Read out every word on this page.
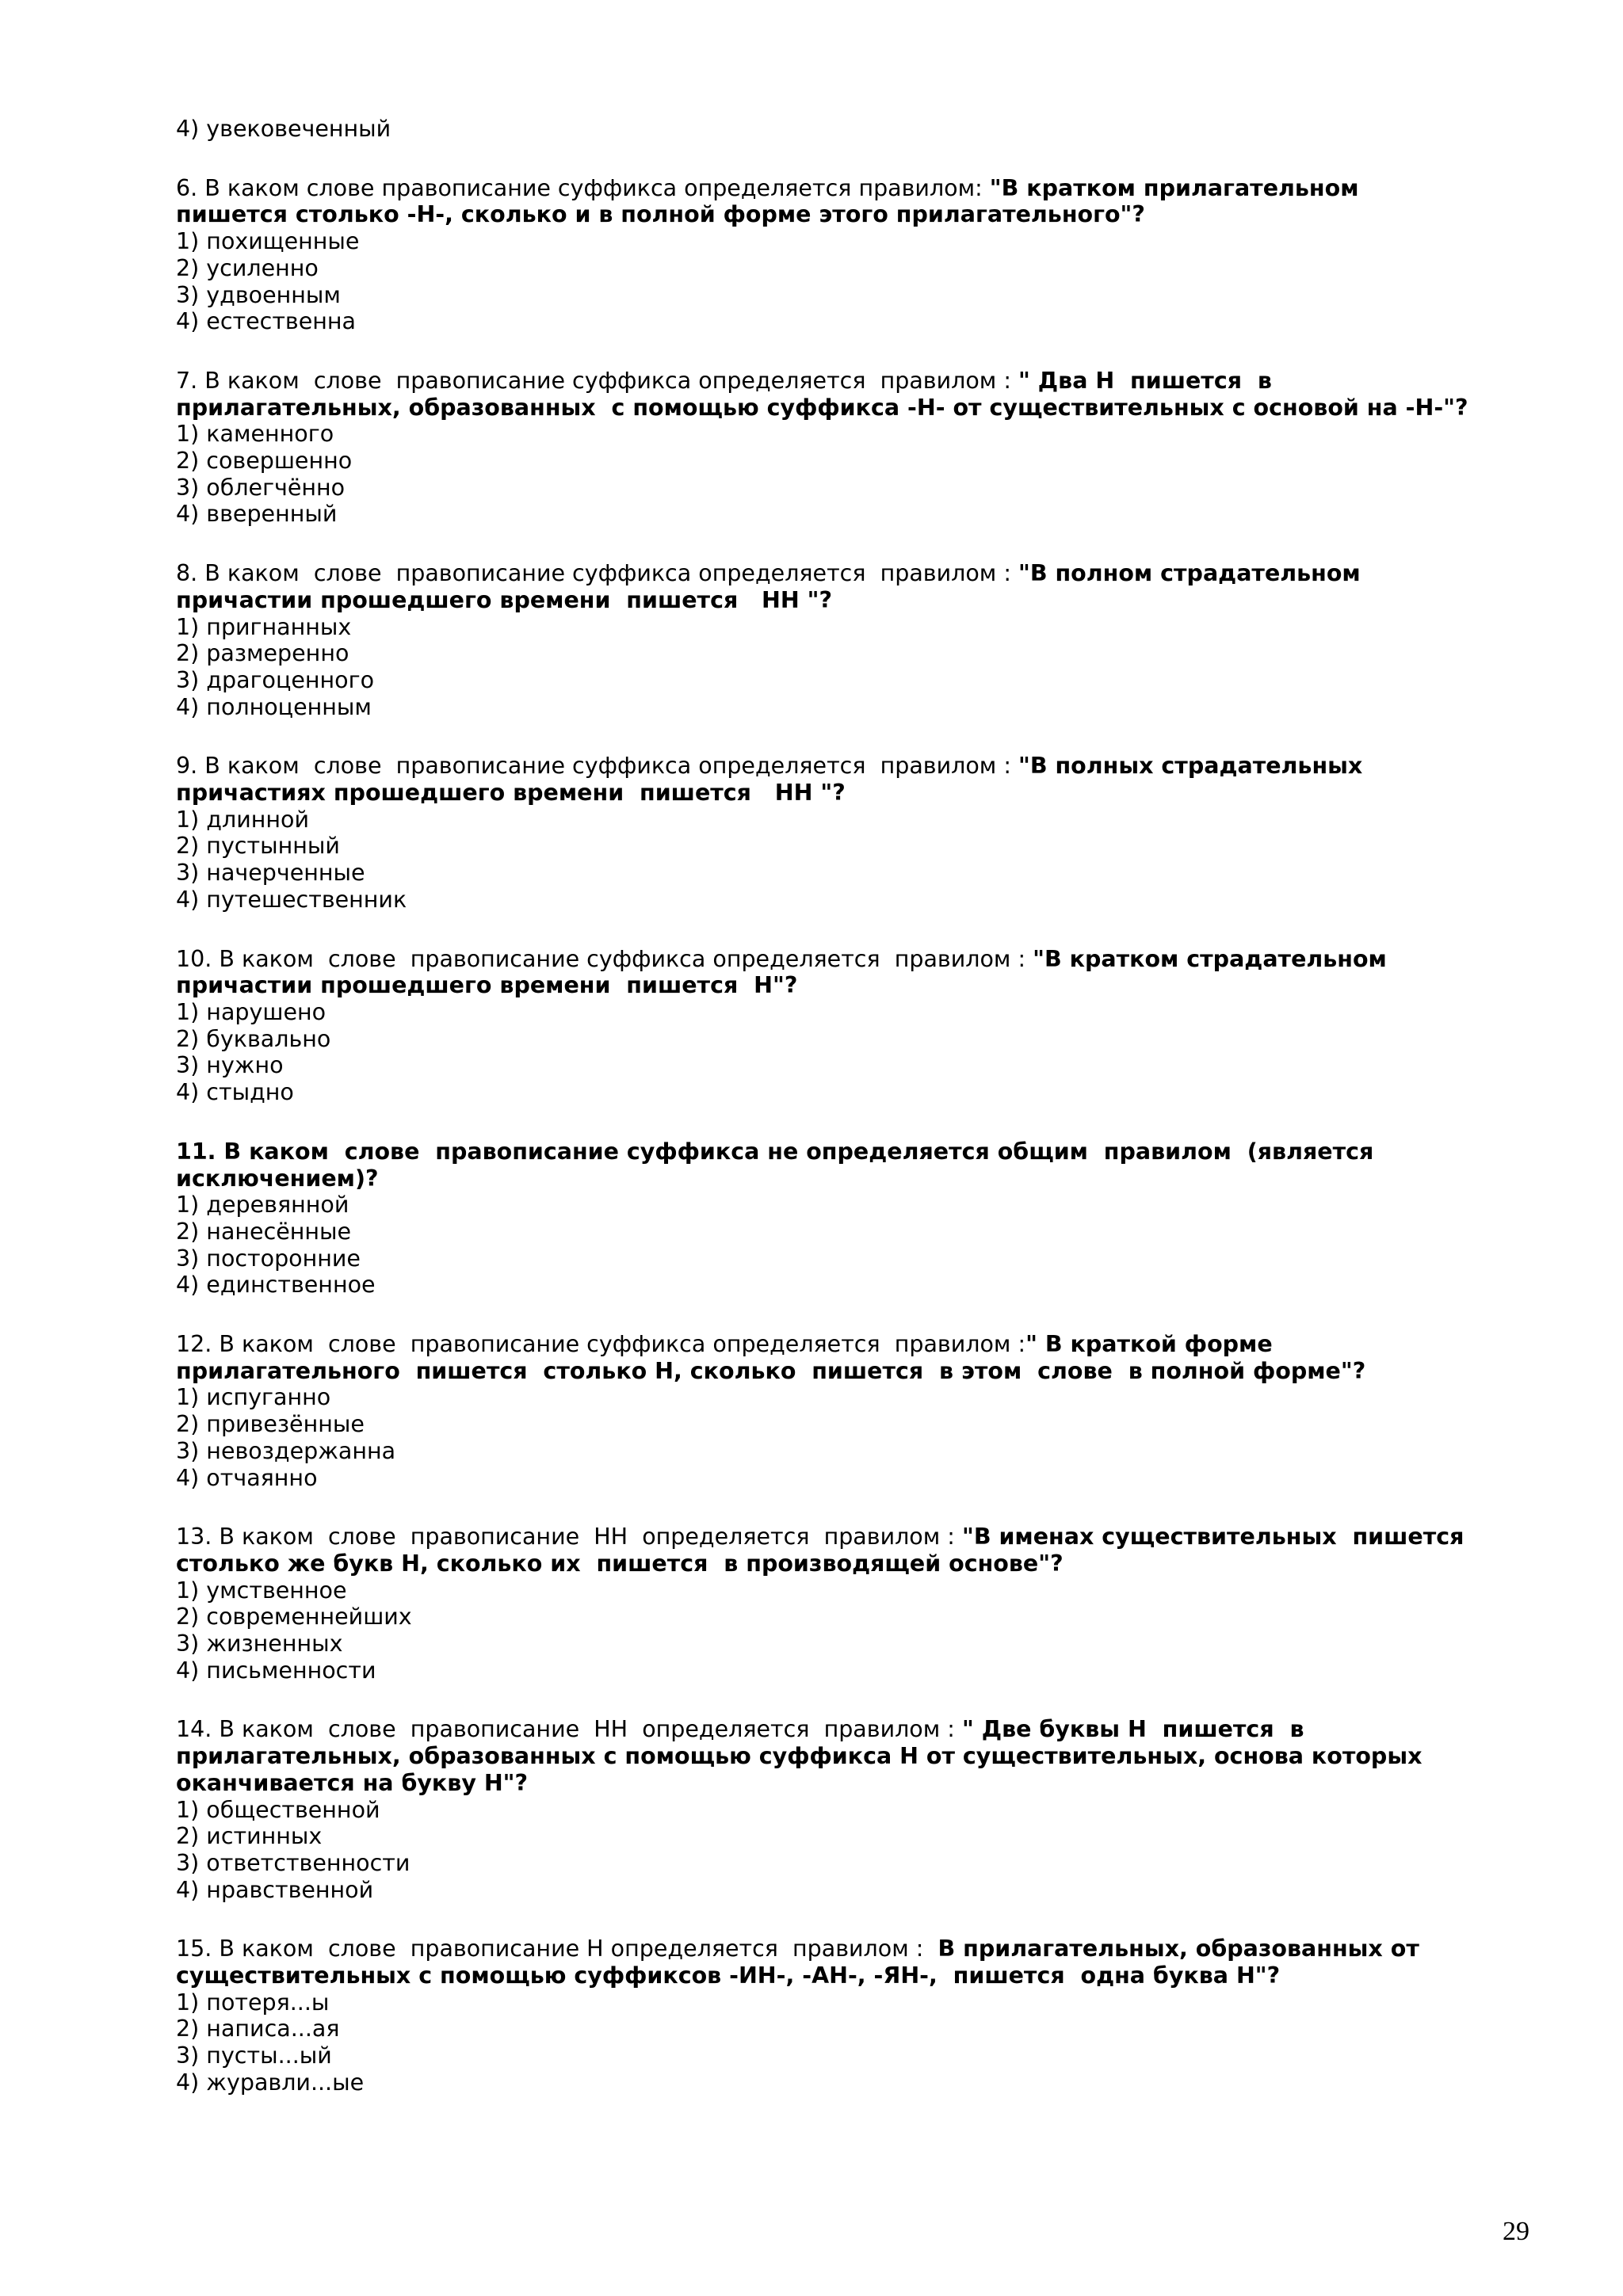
4) увековеченный
6. В каком слове правописание суффикса определяется правилом: "В кратком прилагательном пишется столько -Н-, сколько и в полной форме этого прилагательного"?
1) похищенные
2) усиленно
3) удвоенным
4) естественна
7. В каком  слове  правописание суффикса определяется  правилом : " Два Н  пишется  в прилагательных, образованных  с помощью суффикса -Н- от существительных с основой на -Н-"?
1) каменного
2) совершенно
3) облегчённо
4) вверенный
8. В каком  слове  правописание суффикса определяется  правилом : "В полном страдательном причастии прошедшего времени  пишется   НН "?
1) пригнанных
2) размеренно
3) драгоценного
4) полноценным
9. В каком  слове  правописание суффикса определяется  правилом : "В полных страдательных причастиях прошедшего времени  пишется   НН "?
1) длинной
2) пустынный
3) начерченные
4) путешественник
10. В каком  слове  правописание суффикса определяется  правилом : "В кратком страдательном причастии прошедшего времени  пишется  Н"?
1) нарушено
2) буквально
3) нужно
4) стыдно
11. В каком  слове  правописание суффикса не определяется общим  правилом  (является исключением)?
1) деревянной
2) нанесённые
3) посторонние
4) единственное
12. В каком  слове  правописание суффикса определяется  правилом :" В краткой форме прилагательного  пишется  столько Н, сколько  пишется  в этом  слове  в полной форме"?
1) испуганно
2) привезённые
3) невоздержанна
4) отчаянно
13. В каком  слове  правописание  НН  определяется  правилом : "В именах существительных  пишется столько же букв Н, сколько их  пишется  в производящей основе"?
1) умственное
2) современнейших
3) жизненных
4) письменности
14. В каком  слове  правописание  НН  определяется  правилом : " Две буквы Н  пишется  в прилагательных, образованных с помощью суффикса Н от существительных, основа которых оканчивается на букву Н"?
1) общественной
2) истинных
3) ответственности
4) нравственной
15. В каком  слове  правописание Н определяется  правилом :  В прилагательных, образованных от существительных с помощью суффиксов -ИН-, -АН-, -ЯН-,  пишется  одна буква Н"?
1) потеря...ы
2) написа...ая
3) пусты...ый
4) журавли...ые
29
